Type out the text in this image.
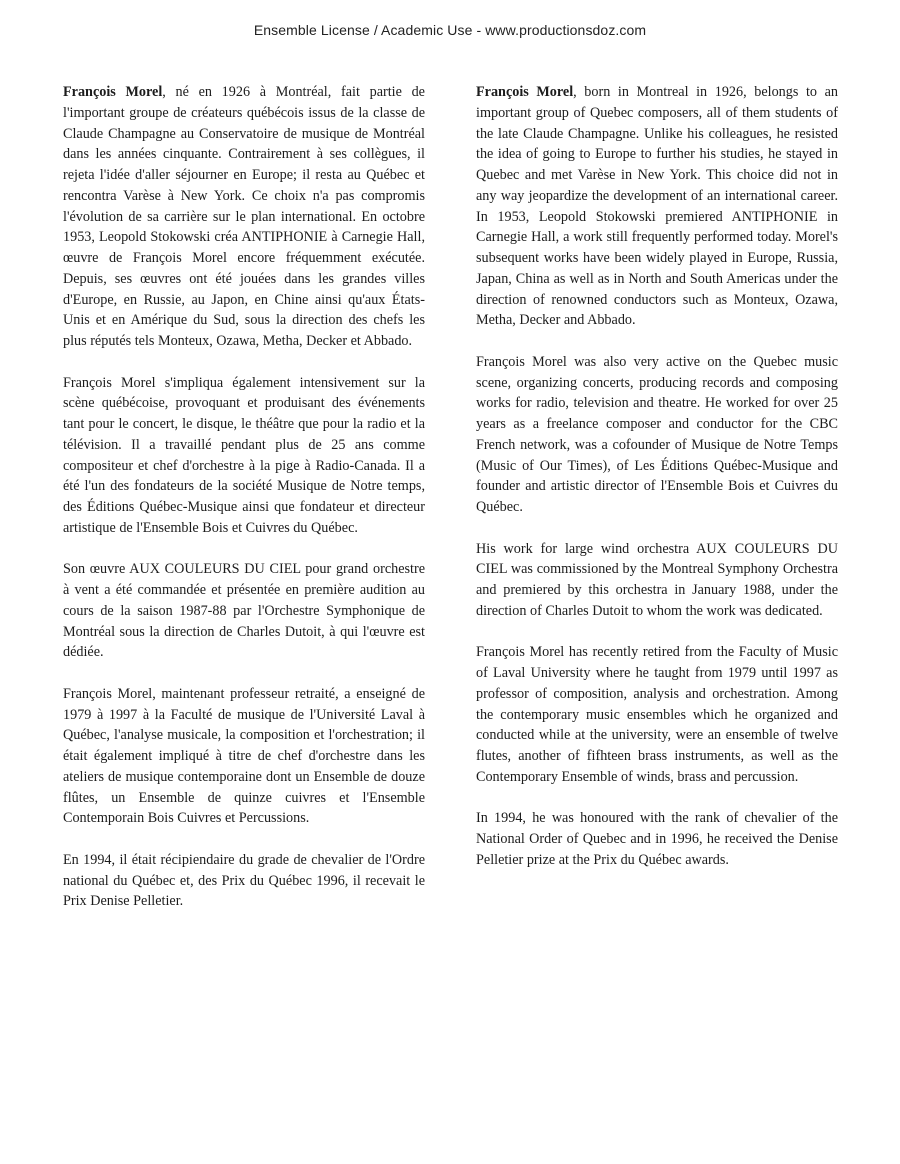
Ensemble License / Academic Use - www.productionsdoz.com

François Morel, né en 1926 à Montréal, fait partie de l'important groupe de créateurs québécois issus de la classe de Claude Champagne au Conservatoire de musique de Montréal dans les années cinquante. Contrairement à ses collègues, il rejeta l'idée d'aller séjourner en Europe; il resta au Québec et rencontra Varèse à New York. Ce choix n'a pas compromis l'évolution de sa carrière sur le plan international. En octobre 1953, Leopold Stokowski créa ANTIPHONIE à Carnegie Hall, œuvre de François Morel encore fréquemment exécutée. Depuis, ses œuvres ont été jouées dans les grandes villes d'Europe, en Russie, au Japon, en Chine ainsi qu'aux États-Unis et en Amérique du Sud, sous la direction des chefs les plus réputés tels Monteux, Ozawa, Metha, Decker et Abbado.

François Morel s'impliqua également intensivement sur la scène québécoise, provoquant et produisant des événements tant pour le concert, le disque, le théâtre que pour la radio et la télévision. Il a travaillé pendant plus de 25 ans comme compositeur et chef d'orchestre à la pige à Radio-Canada. Il a été l'un des fondateurs de la société Musique de Notre temps, des Éditions Québec-Musique ainsi que fondateur et directeur artistique de l'Ensemble Bois et Cuivres du Québec.

Son œuvre AUX COULEURS DU CIEL pour grand orchestre à vent a été commandée et présentée en première audition au cours de la saison 1987-88 par l'Orchestre Symphonique de Montréal sous la direction de Charles Dutoit, à qui l'œuvre est dédiée.

François Morel, maintenant professeur retraité, a enseigné de 1979 à 1997 à la Faculté de musique de l'Université Laval à Québec, l'analyse musicale, la composition et l'orchestration; il était également impliqué à titre de chef d'orchestre dans les ateliers de musique contemporaine dont un Ensemble de douze flûtes, un Ensemble de quinze cuivres et l'Ensemble Contemporain Bois Cuivres et Percussions.

En 1994, il était récipiendaire du grade de chevalier de l'Ordre national du Québec et, des Prix du Québec 1996, il recevait le Prix Denise Pelletier.

François Morel, born in Montreal in 1926, belongs to an important group of Quebec composers, all of them students of the late Claude Champagne. Unlike his colleagues, he resisted the idea of going to Europe to further his studies, he stayed in Quebec and met Varèse in New York. This choice did not in any way jeopardize the development of an international career. In 1953, Leopold Stokowski premiered ANTIPHONIE in Carnegie Hall, a work still frequently performed today. Morel's subsequent works have been widely played in Europe, Russia, Japan, China as well as in North and South Americas under the direction of renowned conductors such as Monteux, Ozawa, Metha, Decker and Abbado.

François Morel was also very active on the Quebec music scene, organizing concerts, producing records and composing works for radio, television and theatre. He worked for over 25 years as a freelance composer and conductor for the CBC French network, was a cofounder of Musique de Notre Temps (Music of Our Times), of Les Éditions Québec-Musique and founder and artistic director of l'Ensemble Bois et Cuivres du Québec.

His work for large wind orchestra AUX COULEURS DU CIEL was commissioned by the Montreal Symphony Orchestra and premiered by this orchestra in January 1988, under the direction of Charles Dutoit to whom the work was dedicated.

François Morel has recently retired from the Faculty of Music of Laval University where he taught from 1979 until 1997 as professor of composition, analysis and orchestration. Among the contemporary music ensembles which he organized and conducted while at the university, were an ensemble of twelve flutes, another of fifhteen brass instruments, as well as the Contemporary Ensemble of winds, brass and percussion.

In 1994, he was honoured with the rank of chevalier of the National Order of Quebec and in 1996, he received the Denise Pelletier prize at the Prix du Québec awards.
